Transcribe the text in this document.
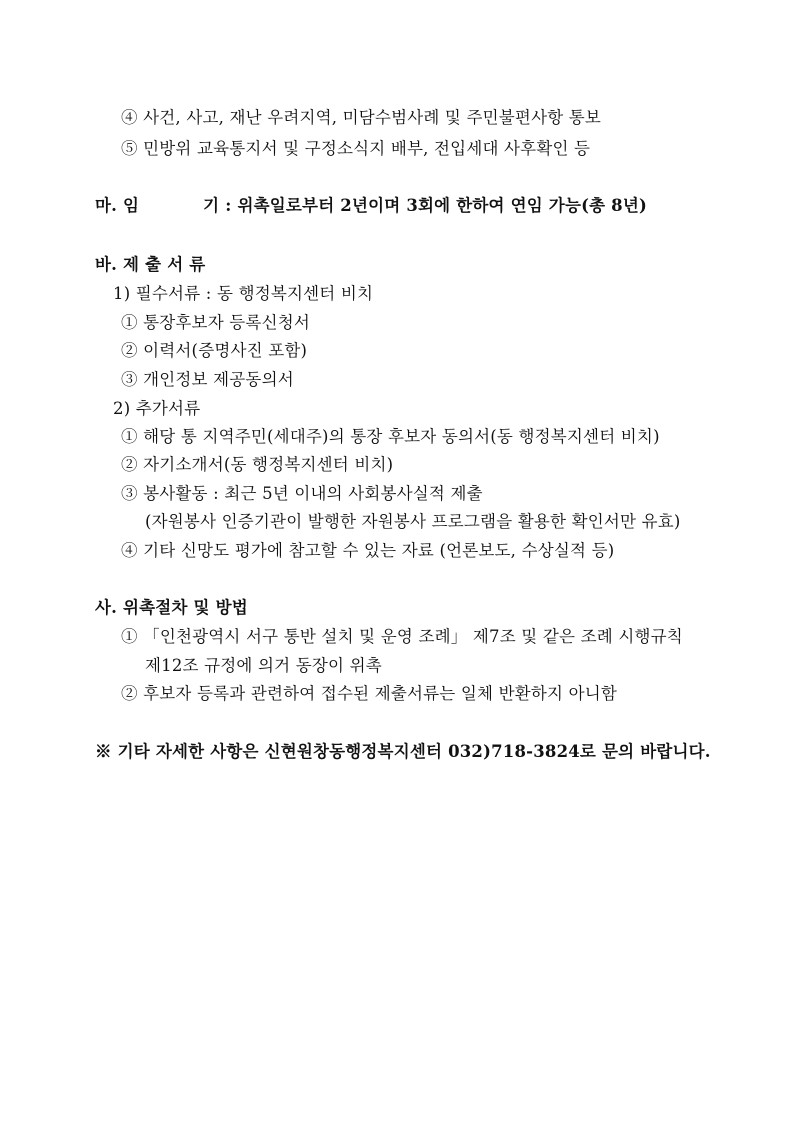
④ 사건, 사고, 재난 우려지역, 미담수범사례 및 주민불편사항 통보
⑤ 민방위 교육통지서 및 구정소식지 배부, 전입세대 사후확인 등
마. 임	기 : 위촉일로부터 2년이며 3회에 한하여 연임 가능(총 8년)
바. 제 출 서 류
1) 필수서류 : 동 행정복지센터 비치
① 통장후보자 등록신청서
② 이력서(증명사진 포함)
③ 개인정보 제공동의서
2) 추가서류
① 해당 통 지역주민(세대주)의 통장 후보자 동의서(동 행정복지센터 비치)
② 자기소개서(동 행정복지센터 비치)
③ 봉사활동 : 최근 5년 이내의 사회봉사실적 제출
(자원봉사 인증기관이 발행한 자원봉사 프로그램을 활용한 확인서만 유효)
④ 기타 신망도 평가에 참고할 수 있는 자료 (언론보도, 수상실적 등)
사. 위촉절차 및 방법
① 「인천광역시 서구 통반 설치 및 운영 조례」 제7조 및 같은 조례 시행규칙
제12조 규정에 의거 동장이 위촉
② 후보자 등록과 관련하여 접수된 제출서류는 일체 반환하지 아니함
※ 기타 자세한 사항은 신현원창동행정복지센터 032)718-3824로 문의 바랍니다.
